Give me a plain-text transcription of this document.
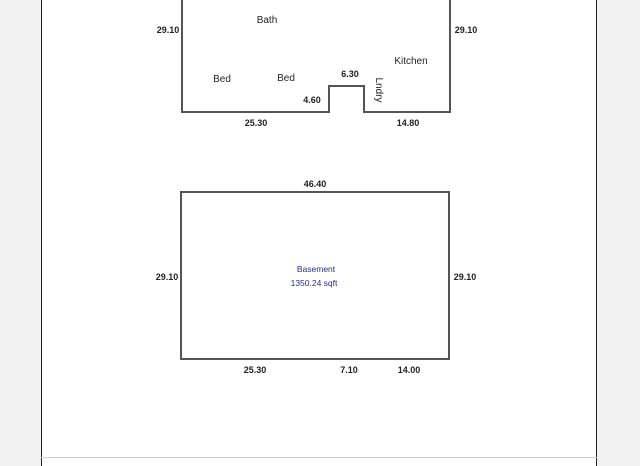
Bath
Kitchen
Bed	Bed	Lndry
29.10	29.10
6.30
4.60
25.30	14.80
Basement
1350.24 sqft
46.40
29.10	29.10
25.30	7.10	14.00
